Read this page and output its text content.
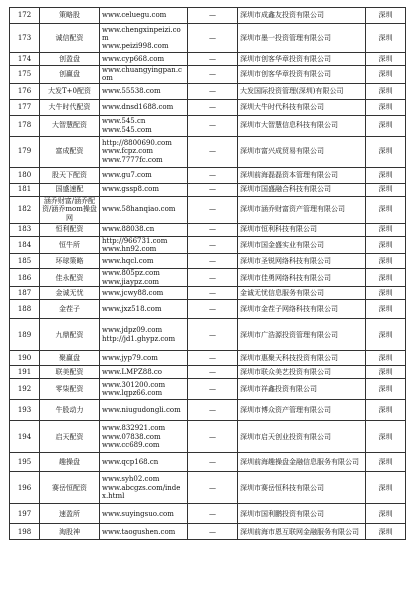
172	策略股	www.celuegu.com	—	深圳市成鑫友投资有限公司	深圳
173	诚信配资	www.chengxinpeizi.com
www.peizi998.com	—	深圳市墨一投资管理有限公司	深圳
174	创盈盘	www.cyp668.com	—	深圳市创客华章投资有限公司	深圳
175	创赢盘	www.chuangyingpan.com	—	深圳市创客华章投资有限公司	深圳
176	大发T+0配资	www.55538.com	—	大发国际投资管理(深圳)有限公司	深圳
177	大牛时代配资	www.dnsd1688.com	—	深圳大牛时代科技有限公司	深圳
178	大智慧配资	www.545.cn
www.545.com	—	深圳市大智慧信息科技有限公司	深圳
179	富成配资	http://8800690.com
www.fcpz.com
www.7777fc.com	—	深圳市富兴成贸易有限公司	深圳
180	股天下配资	www.gu7.com	—	深圳前海磊磊资本管理有限公司	深圳
181	国盛速配	www.gssp8.com	—	深圳市国盛融合科技有限公司	深圳
182	涵乔财富/涵乔配资/涵乔mom操盘网	www.58hanqiao.com	—	深圳市涵乔财富资产管理有限公司	深圳
183	恒利配资	www.88038.cn	—	深圳市恒利科技有限公司	深圳
184	恒牛所	http://966731.com
www.hn92.com	—	深圳市国金盛实业有限公司	深圳
185	环球策略	www.hqcl.com	—	深圳市圣锐网络科技有限公司	深圳
186	佳永配资	www.805pz.com
www.jiaypz.com	—	深圳市佳勇网络科技有限公司	深圳
187	金诚无忧	www.jcwy88.com	—	金诚无忧信息服务有限公司	深圳
188	金茬子	www.jxz518.com	—	深圳市金茬子网络科技有限公司	深圳
189	九鼎配资	www.jdpz09.com
http://jd1.ghypz.com	—	深圳市广浩源投资管理有限公司	深圳
190	聚赢盘	www.jyp79.com	—	深圳市惠聚天科技投资有限公司	深圳
191	联美配资	www.LMPZ88.co	—	深圳市联众美艺投资有限公司	深圳
192	零柒配资	www.301200.com
www.lqpz66.com	—	深圳市祥鑫投资有限公司	深圳
193	牛股动力	www.niugudongli.com	—	深圳市博众资产管理有限公司	深圳
194	启天配资	www.832921.com
www.07838.com
www.cc689.com	—	深圳市启天创业投资有限公司	深圳
195	趣操盘	www.qcp168.cn	—	深圳前海趣操盘金融信息服务有限公司	深圳
196	赛岳恒配资	www.syh02.com
www.abcgzs.com/index.html	—	深圳市赛岳恒科技有限公司	深圳
197	速盈所	www.suyingsuo.com	—	深圳市国利鹏投资有限公司	深圳
198	淘股神	www.taogushen.com	—	深圳前海市恩互联网金融服务有限公司	深圳
